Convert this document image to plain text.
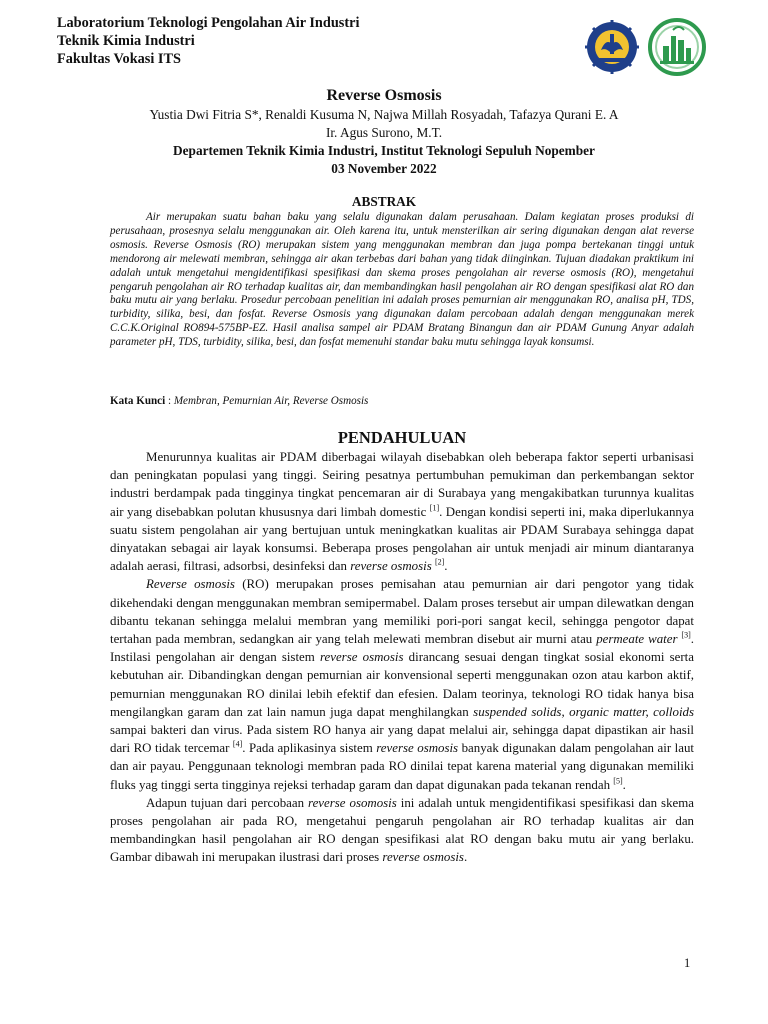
Laboratorium Teknologi Pengolahan Air Industri
Teknik Kimia Industri
Fakultas Vokasi ITS
Reverse Osmosis
Yustia Dwi Fitria S*, Renaldi Kusuma N, Najwa Millah Rosyadah, Tafazya Qurani E. A
Ir. Agus Surono, M.T.
Departemen Teknik Kimia Industri, Institut Teknologi Sepuluh Nopember
03 November 2022
ABSTRAK

Air merupakan suatu bahan baku yang selalu digunakan dalam perusahaan. Dalam kegiatan proses produksi di perusahaan, prosesnya selalu menggunakan air. Oleh karena itu, untuk mensterilkan air sering digunakan dengan alat reverse osmosis. Reverse Osmosis (RO) merupakan sistem yang menggunakan membran dan juga pompa bertekanan tinggi untuk mendorong air melewati membran, sehingga air akan terbebas dari bahan yang tidak diinginkan. Tujuan diadakan praktikum ini adalah untuk mengetahui mengidentifikasi spesifikasi dan skema proses pengolahan air reverse osmosis (RO), mengetahui pengaruh pengolahan air RO terhadap kualitas air, dan membandingkan hasil pengolahan air RO dengan spesifikasi alat RO dan baku mutu air yang berlaku. Prosedur percobaan penelitian ini adalah proses pemurnian air menggunakan RO, analisa pH, TDS, turbidity, silika, besi, dan fosfat. Reverse Osmosis yang digunakan dalam percobaan adalah dengan menggunakan merek C.C.K.Original RO894-575BP-EZ. Hasil analisa sampel air PDAM Bratang Binangun dan air PDAM Gunung Anyar adalah parameter pH, TDS, turbidity, silika, besi, dan fosfat memenuhi standar baku mutu sehingga layak konsumsi.

Kata Kunci : Membran, Pemurnian Air, Reverse Osmosis

PENDAHULUAN

Menurunnya kualitas air PDAM diberbagai wilayah disebabkan oleh beberapa faktor seperti urbanisasi dan peningkatan populasi yang tinggi. Seiring pesatnya pertumbuhan pemukiman dan perkembangan sektor industri berdampak pada tingginya tingkat pencemaran air di Surabaya yang mengakibatkan turunnya kualitas air yang disebabkan polutan khususnya dari limbah domestic [1]. Dengan kondisi seperti ini, maka diperlukannya suatu sistem pengolahan air yang bertujuan untuk meningkatkan kualitas air PDAM Surabaya sehingga dapat dinyatakan sebagai air layak konsumsi. Beberapa proses pengolahan air untuk menjadi air minum diantaranya adalah aerasi, filtrasi, adsorbsi, desinfeksi dan reverse osmosis [2].

Reverse osmosis (RO) merupakan proses pemisahan atau pemurnian air dari pengotor yang tidak dikehendaki dengan menggunakan membran semipermabel. Dalam proses tersebut air umpan dilewatkan dengan dibantu tekanan sehingga melalui membran yang memiliki pori-pori sangat kecil, sehingga pengotor dapat tertahan pada membran, sedangkan air yang telah melewati membran disebut air murni atau permeate water [3]. Instilasi pengolahan air dengan sistem reverse osmosis dirancang sesuai dengan tingkat sosial ekonomi serta kebutuhan air. Dibandingkan dengan pemurnian air konvensional seperti menggunakan ozon atau karbon aktif, pemurnian menggunakan RO dinilai lebih efektif dan efesien. Dalam teorinya, teknologi RO tidak hanya bisa mengilangkan garam dan zat lain namun juga dapat menghilangkan suspended solids, organic matter, colloids sampai bakteri dan virus. Pada sistem RO hanya air yang dapat melalui air, sehingga dapat dipastikan air hasil dari RO tidak tercemar [4]. Pada aplikasinya sistem reverse osmosis banyak digunakan dalam pengolahan air laut dan air payau. Penggunaan teknologi membran pada RO dinilai tepat karena material yang digunakan memiliki fluks yag tinggi serta tingginya rejeksi terhadap garam dan dapat digunakan pada tekanan rendah [5].

Adapun tujuan dari percobaan reverse osomosis ini adalah untuk mengidentifikasi spesifikasi dan skema proses pengolahan air pada RO, mengetahui pengaruh pengolahan air RO terhadap kualitas air dan membandingkan hasil pengolahan air RO dengan spesifikasi alat RO dengan baku mutu air yang berlaku. Gambar dibawah ini merupakan ilustrasi dari proses reverse osmosis.

1
